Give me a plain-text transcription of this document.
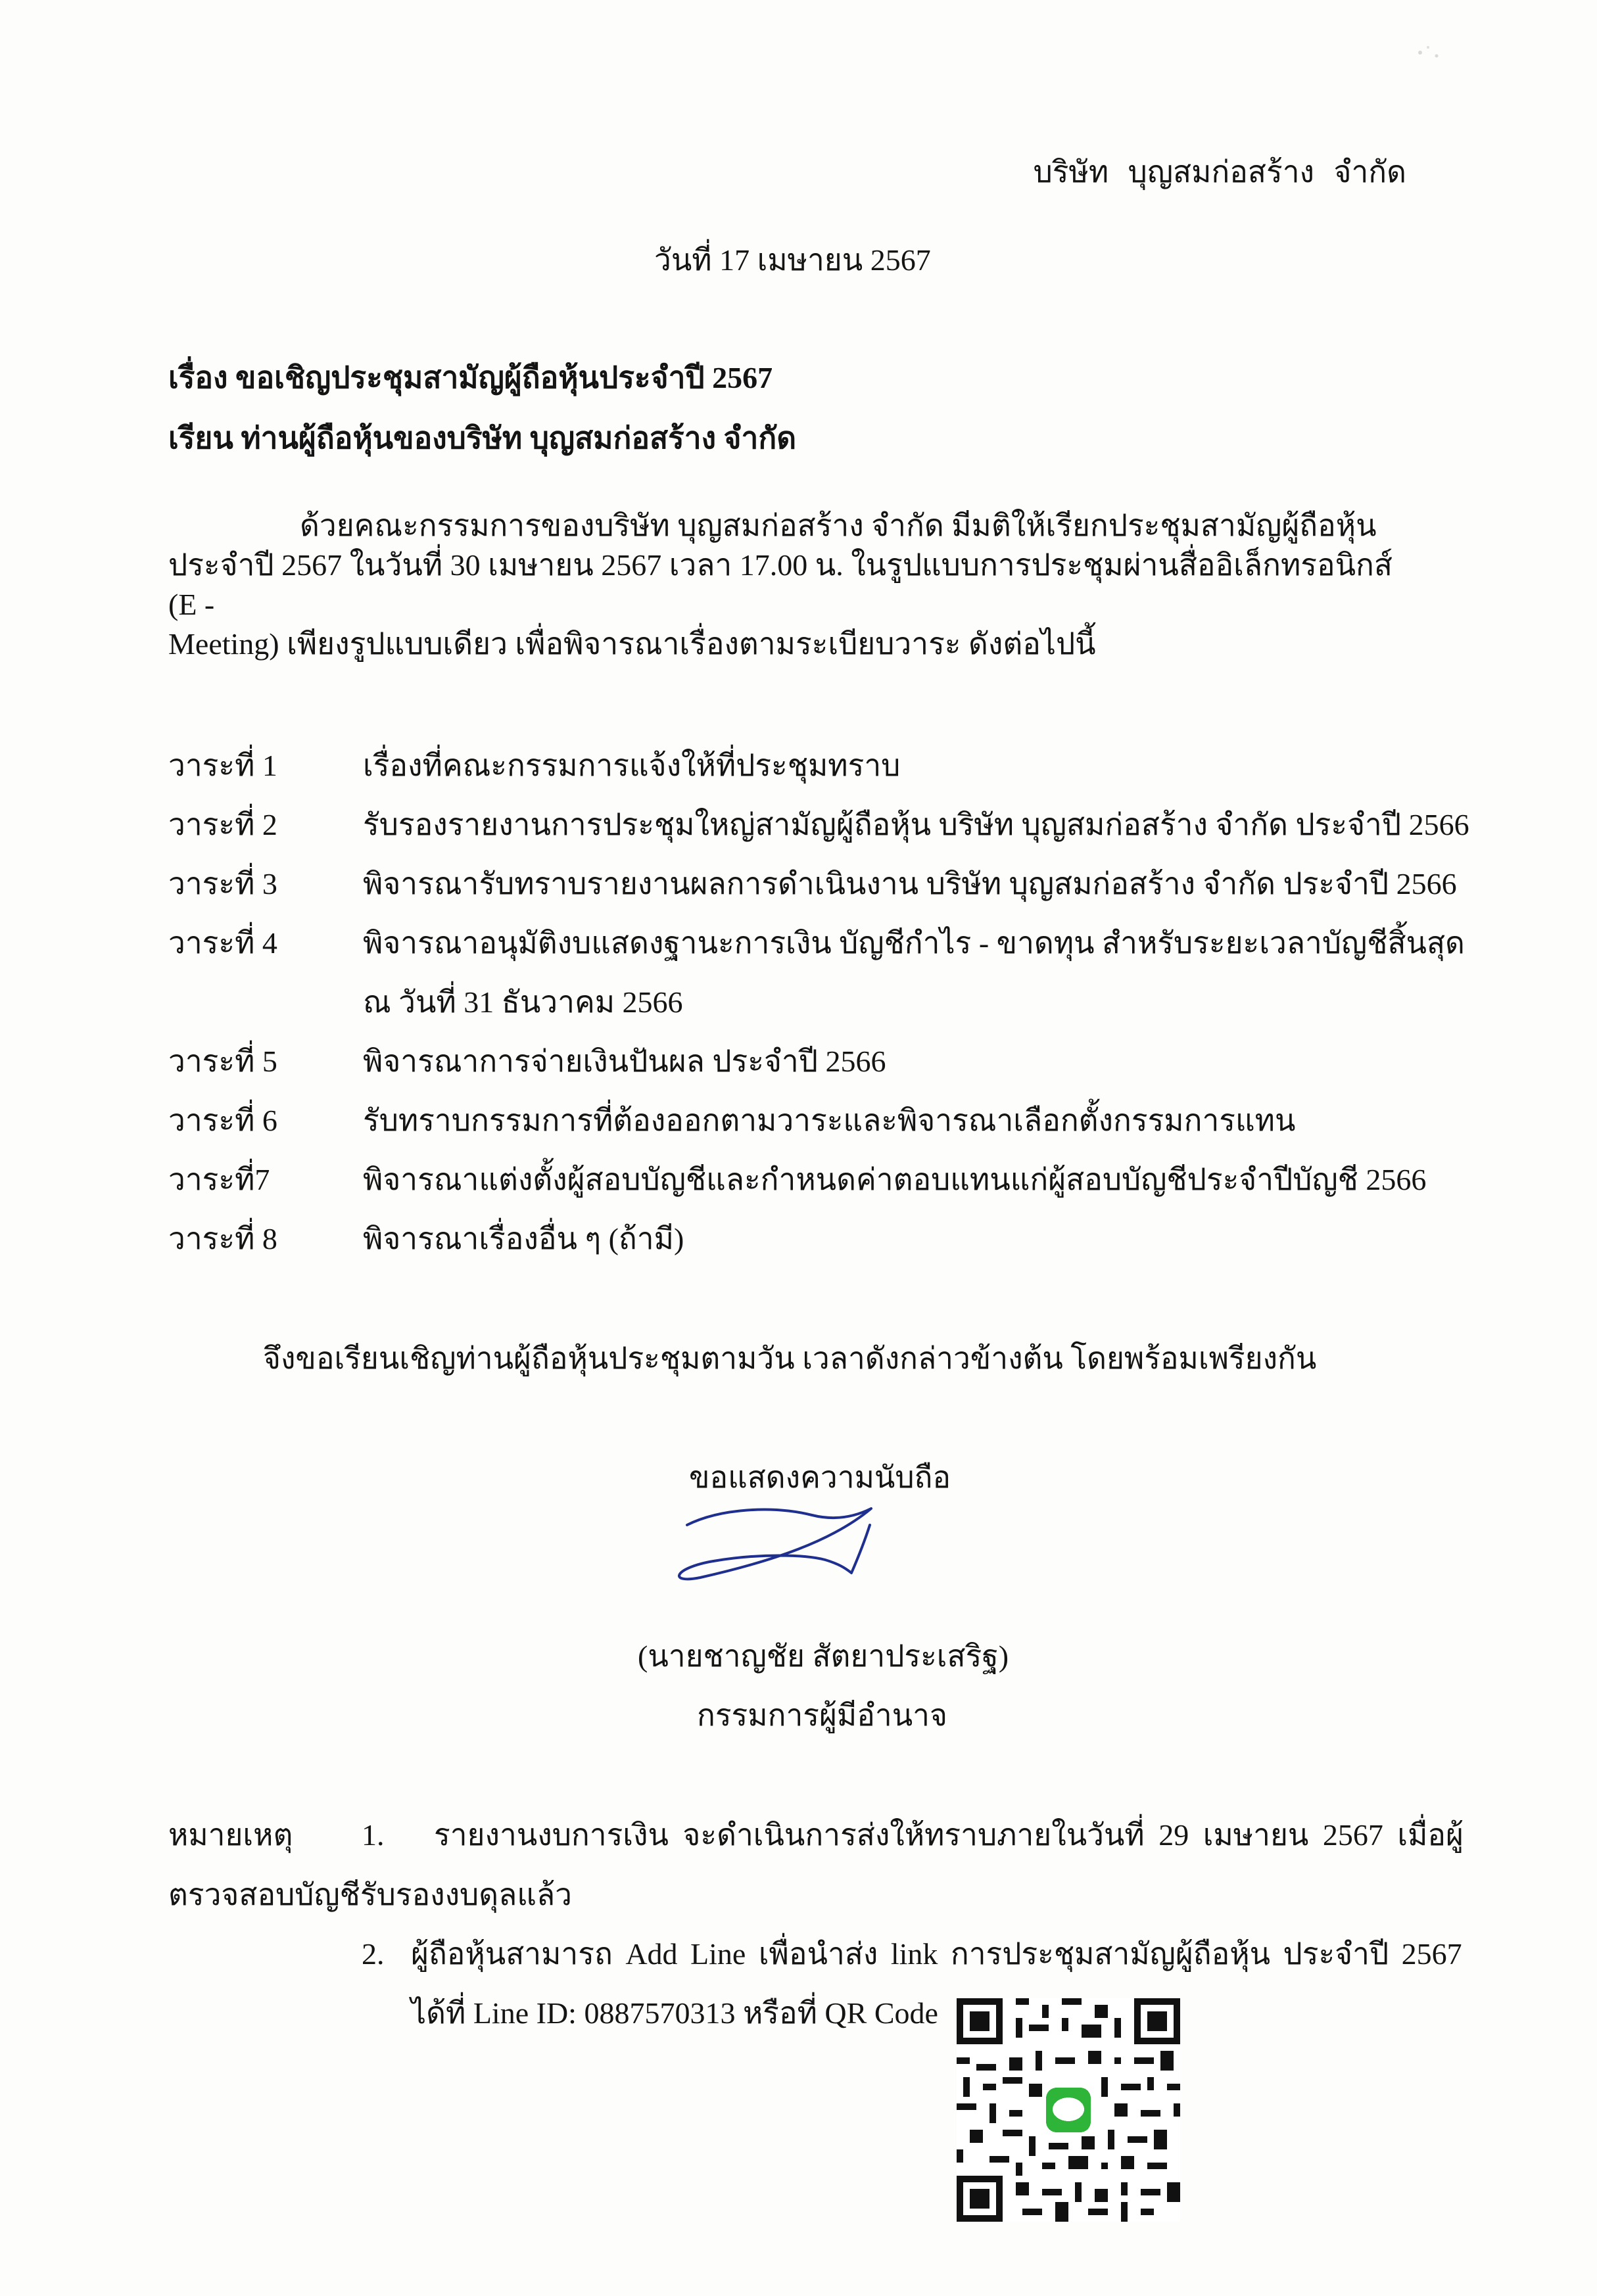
บริษัท บุญสมก่อสร้าง จำกัด
วันที่ 17 เมษายน 2567
เรื่อง ขอเชิญประชุมสามัญผู้ถือหุ้นประจำปี 2567
เรียน ท่านผู้ถือหุ้นของบริษัท บุญสมก่อสร้าง จำกัด
ด้วยคณะกรรมการของบริษัท บุญสมก่อสร้าง จำกัด มีมติให้เรียกประชุมสามัญผู้ถือหุ้น
ประจำปี 2567 ในวันที่ 30 เมษายน 2567 เวลา 17.00 น. ในรูปแบบการประชุมผ่านสื่ออิเล็กทรอนิกส์ (E -
Meeting) เพียงรูปแบบเดียว เพื่อพิจารณาเรื่องตามระเบียบวาระ ดังต่อไปนี้
วาระที่ 1	เรื่องที่คณะกรรมการแจ้งให้ที่ประชุมทราบ
วาระที่ 2	รับรองรายงานการประชุมใหญ่สามัญผู้ถือหุ้น บริษัท บุญสมก่อสร้าง จำกัด ประจำปี 2566
วาระที่ 3	พิจารณารับทราบรายงานผลการดำเนินงาน บริษัท บุญสมก่อสร้าง จำกัด ประจำปี 2566
วาระที่ 4	พิจารณาอนุมัติงบแสดงฐานะการเงิน บัญชีกำไร - ขาดทุน สำหรับระยะเวลาบัญชีสิ้นสุด
ณ วันที่ 31 ธันวาคม 2566
วาระที่ 5	พิจารณาการจ่ายเงินปันผล ประจำปี 2566
วาระที่ 6	รับทราบกรรมการที่ต้องออกตามวาระและพิจารณาเลือกตั้งกรรมการแทน
วาระที่7	พิจารณาแต่งตั้งผู้สอบบัญชีและกำหนดค่าตอบแทนแก่ผู้สอบบัญชีประจำปีบัญชี 2566
วาระที่ 8	พิจารณาเรื่องอื่น ๆ (ถ้ามี)
จึงขอเรียนเชิญท่านผู้ถือหุ้นประชุมตามวัน เวลาดังกล่าวข้างต้น โดยพร้อมเพรียงกัน
ขอแสดงความนับถือ
(นายชาญชัย สัตยาประเสริฐ)
กรรมการผู้มีอำนาจ
หมายเหตุ 1. รายงานงบการเงิน จะดำเนินการส่งให้ทราบภายในวันที่ 29 เมษายน 2567 เมื่อผู้
ตรวจสอบบัญชีรับรองงบดุลแล้ว
2. ผู้ถือหุ้นสามารถ Add Line เพื่อนำส่ง link การประชุมสามัญผู้ถือหุ้น ประจำปี 2567
ได้ที่ Line ID: 0887570313 หรือที่ QR Code
